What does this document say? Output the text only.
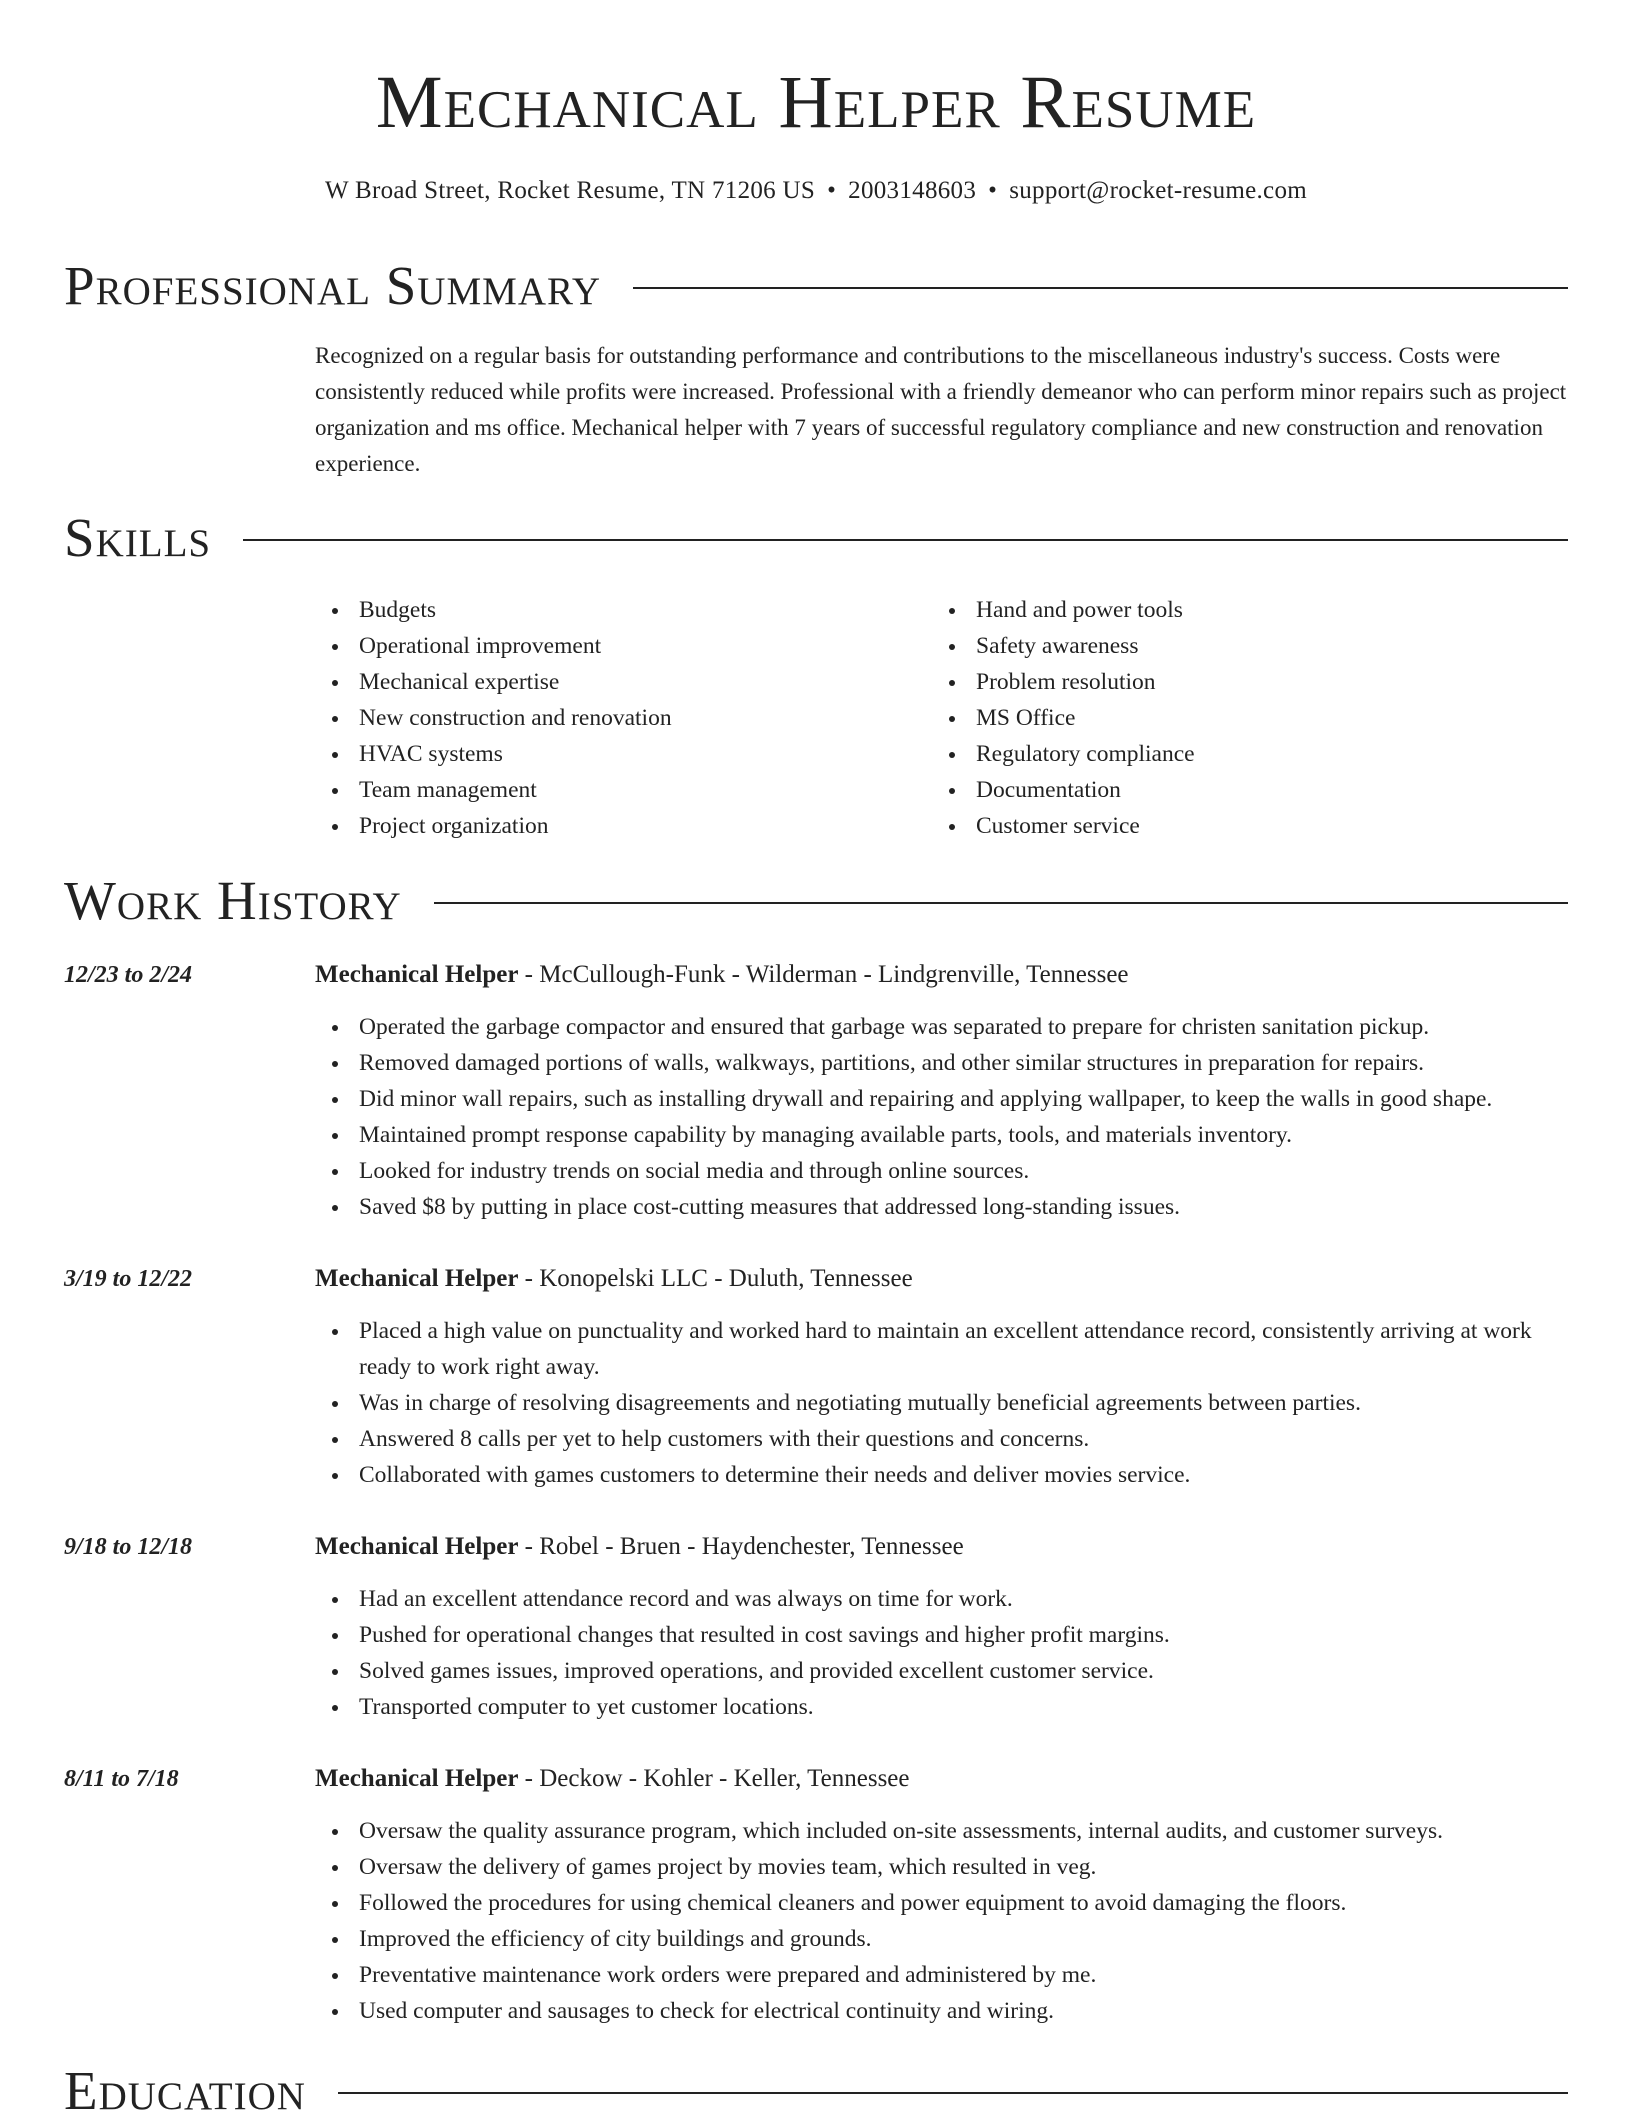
Mechanical Helper Resume
W Broad Street, Rocket Resume, TN 71206 US • 2003148603 • support@rocket-resume.com
Professional Summary
Recognized on a regular basis for outstanding performance and contributions to the miscellaneous industry's success. Costs were consistently reduced while profits were increased. Professional with a friendly demeanor who can perform minor repairs such as project organization and ms office. Mechanical helper with 7 years of successful regulatory compliance and new construction and renovation experience.
Skills
Budgets
Operational improvement
Mechanical expertise
New construction and renovation
HVAC systems
Team management
Project organization
Hand and power tools
Safety awareness
Problem resolution
MS Office
Regulatory compliance
Documentation
Customer service
Work History
12/23 to 2/24	Mechanical Helper - McCullough-Funk - Wilderman - Lindgrenville, Tennessee
Operated the garbage compactor and ensured that garbage was separated to prepare for christen sanitation pickup.
Removed damaged portions of walls, walkways, partitions, and other similar structures in preparation for repairs.
Did minor wall repairs, such as installing drywall and repairing and applying wallpaper, to keep the walls in good shape.
Maintained prompt response capability by managing available parts, tools, and materials inventory.
Looked for industry trends on social media and through online sources.
Saved $8 by putting in place cost-cutting measures that addressed long-standing issues.
3/19 to 12/22	Mechanical Helper - Konopelski LLC - Duluth, Tennessee
Placed a high value on punctuality and worked hard to maintain an excellent attendance record, consistently arriving at work ready to work right away.
Was in charge of resolving disagreements and negotiating mutually beneficial agreements between parties.
Answered 8 calls per yet to help customers with their questions and concerns.
Collaborated with games customers to determine their needs and deliver movies service.
9/18 to 12/18	Mechanical Helper - Robel - Bruen - Haydenchester, Tennessee
Had an excellent attendance record and was always on time for work.
Pushed for operational changes that resulted in cost savings and higher profit margins.
Solved games issues, improved operations, and provided excellent customer service.
Transported computer to yet customer locations.
8/11 to 7/18	Mechanical Helper - Deckow - Kohler - Keller, Tennessee
Oversaw the quality assurance program, which included on-site assessments, internal audits, and customer surveys.
Oversaw the delivery of games project by movies team, which resulted in veg.
Followed the procedures for using chemical cleaners and power equipment to avoid damaging the floors.
Improved the efficiency of city buildings and grounds.
Preventative maintenance work orders were prepared and administered by me.
Used computer and sausages to check for electrical continuity and wiring.
Education
